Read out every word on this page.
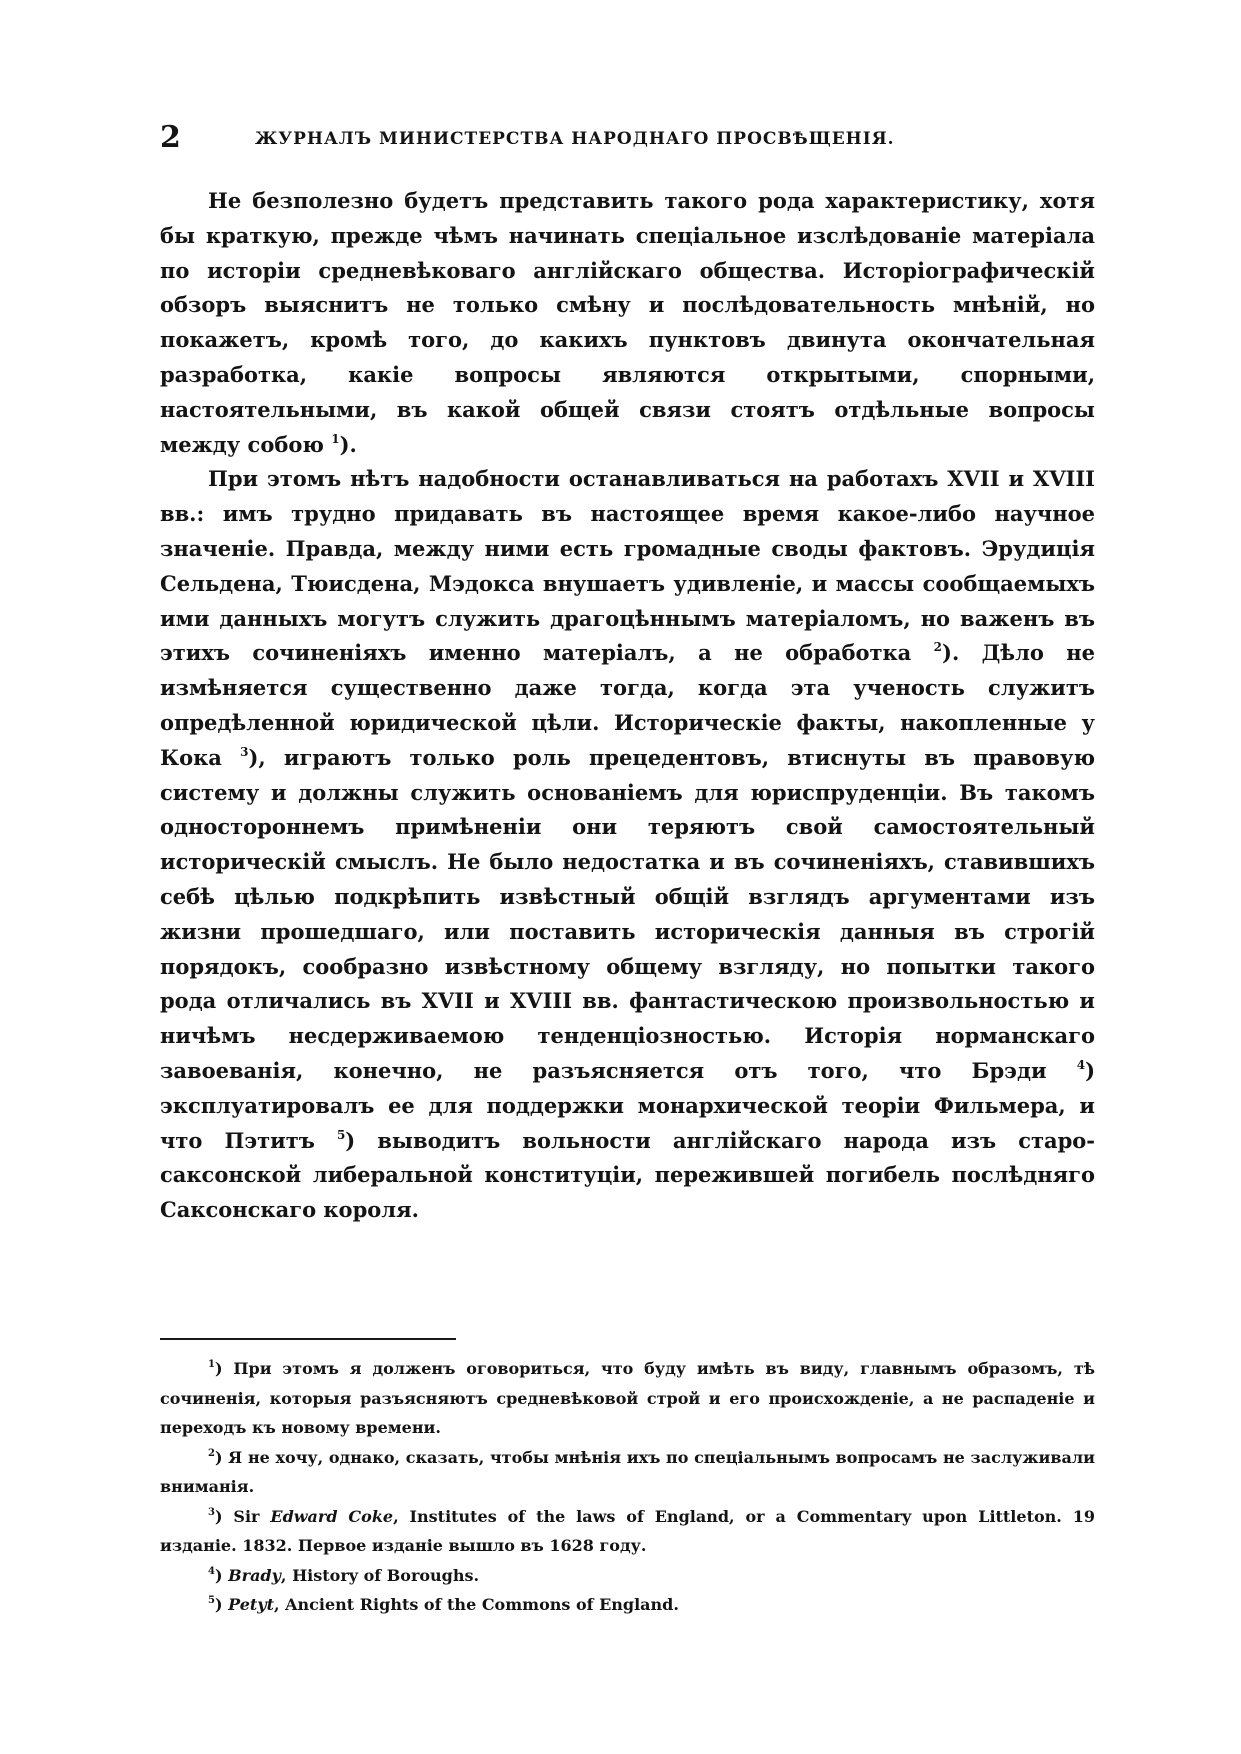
2	ЖУРНАЛЪ МИНИСТЕРСТВА НАРОДНАГО ПРОСВѢЩЕНІЯ.

Не безполезно будетъ представить такого рода характеристику, хотя бы краткую, прежде чѣмъ начинать спеціальное изслѣдованіе матеріала по исторіи средневѣковаго англійскаго общества. Исторіографическій обзоръ выяснитъ не только смѣну и послѣдовательность мнѣній, но покажетъ, кромѣ того, до какихъ пунктовъ двинута окончательная разработка, какіе вопросы являются открытыми, спорными, настоятельными, въ какой общей связи стоятъ отдѣльные вопросы между собою $^1$).

При этомъ нѣтъ надобности останавливаться на работахъ XVII и XVIII вв.: имъ трудно придавать въ настоящее время какое-либо научное значеніе. Правда, между ними есть громадные своды фактовъ. Эрудиція Сельдена, Тюисдена, Мэдокса внушаетъ удивленіе, и массы сообщаемыхъ ими данныхъ могутъ служить драгоцѣннымъ матеріаломъ, но важенъ въ этихъ сочиненіяхъ именно матеріалъ, а не обработка $^2$). Дѣло не измѣняется существенно даже тогда, когда эта ученость служитъ опредѣленной юридической цѣли. Историческіе факты, накопленные у Кока $^3$), играютъ только роль прецедентовъ, втиснуты въ правовую систему и должны служить основаніемъ для юриспруденціи. Въ такомъ одностороннемъ примѣненіи они теряютъ свой самостоятельный историческій смыслъ. Не было недостатка и въ сочиненіяхъ, ставившихъ себѣ цѣлью подкрѣпить извѣстный общій взглядъ аргументами изъ жизни прошедшаго, или поставить историческія данныя въ строгій порядокъ, сообразно извѣстному общему взгляду, но попытки такого рода отличались въ XVII и XVIII вв. фантастическою произвольностью и ничѣмъ несдерживаемою тенденціозностью. Исторія норманскаго завоеванія, конечно, не разъясняется отъ того, что Брэди	$^4$) эксплуатировалъ ее для поддержки монархической теоріи Фильмера, и что Пэтитъ $^5$) выводитъ вольности англійскаго народа изъ старо-саксонской либеральной конституціи, пережившей погибель послѣдняго Саксонскаго короля.

$^1$) При этомъ я долженъ оговориться, что буду имѣть въ виду, главнымъ образомъ, тѣ сочиненія, которыя разъясняютъ средневѣковой строй и его происхожденіе, а не распаденіе и переходъ къ новому времени.

$^2$) Я не хочу, однако, сказать, чтобы мнѣнія ихъ по спеціальнымъ вопросамъ не заслуживали вниманія.

$^3$) Sir Edward Coke, Institutes of the laws of England, or a Commentary upon Littleton. 19 изданіе. 1832. Первое изданіе вышло въ 1628 году.

$^4$) Brady, History of Boroughs.

$^5$) Petyt, Ancient Rights of the Commons of England.
